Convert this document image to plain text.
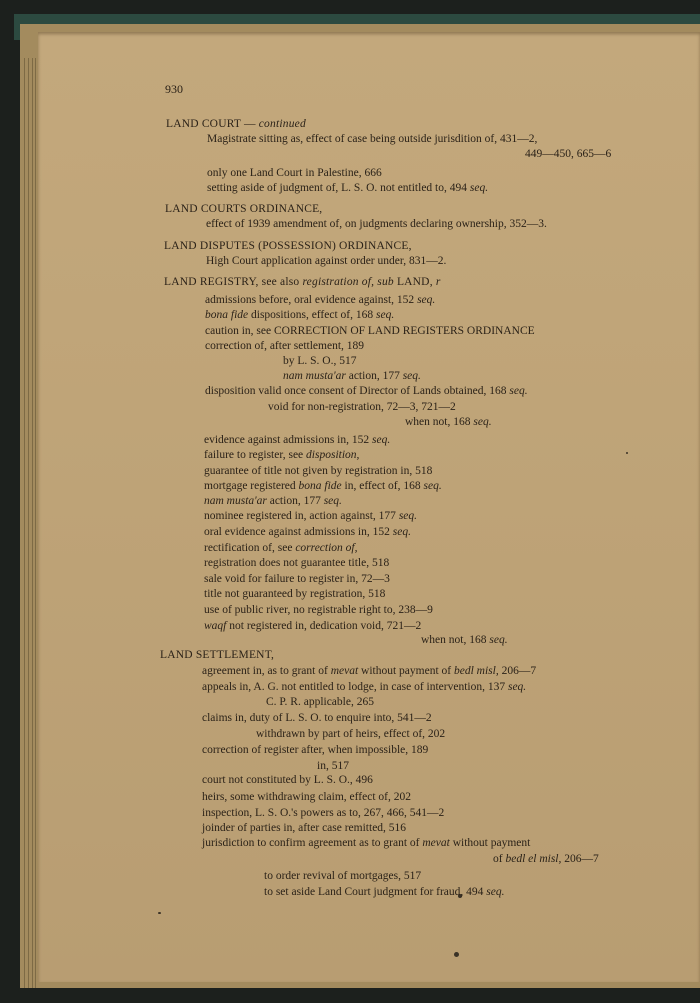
930
LAND COURT — continued
Magistrate sitting as, effect of case being outside jurisdition of, 431—2,
449—450, 665—6
only one Land Court in Palestine, 666
setting aside of judgment of, L. S. O. not entitled to, 494 seq.
LAND COURTS ORDINANCE,
effect of 1939 amendment of, on judgments declaring ownership, 352—3.
LAND DISPUTES (POSSESSION) ORDINANCE,
High Court application against order under, 831—2.
LAND REGISTRY, see also registration of, sub LAND, r
admissions before, oral evidence against, 152 seq.
bona fide dispositions, effect of, 168 seq.
caution in, see CORRECTION OF LAND REGISTERS ORDINANCE
correction of, after settlement, 189
by L. S. O., 517
nam musta'ar action, 177 seq.
disposition valid once consent of Director of Lands obtained, 168 seq.
void for non-registration, 72—3, 721—2
when not, 168 seq.
evidence against admissions in, 152 seq.
failure to register, see disposition,
guarantee of title not given by registration in, 518
mortgage registered bona fide in, effect of, 168 seq.
nam musta'ar action, 177 seq.
nominee registered in, action against, 177 seq.
oral evidence against admissions in, 152 seq.
rectification of, see correction of,
registration does not guarantee title, 518
sale void for failure to register in, 72—3
title not guaranteed by registration, 518
use of public river, no registrable right to, 238—9
waqf not registered in, dedication void, 721—2
when not, 168 seq.
LAND SETTLEMENT,
agreement in, as to grant of mevat without payment of bedl misl, 206—7
appeals in, A. G. not entitled to lodge, in case of intervention, 137 seq.
C. P. R. applicable, 265
claims in, duty of L. S. O. to enquire into, 541—2
withdrawn by part of heirs, effect of, 202
correction of register after, when impossible, 189
in, 517
court not constituted by L. S. O., 496
heirs, some withdrawing claim, effect of, 202
inspection, L. S. O.'s powers as to, 267, 466, 541—2
joinder of parties in, after case remitted, 516
jurisdiction to confirm agreement as to grant of mevat without payment
of bedl el misl, 206—7
to order revival of mortgages, 517
to set aside Land Court judgment for fraud, 494 seq.
